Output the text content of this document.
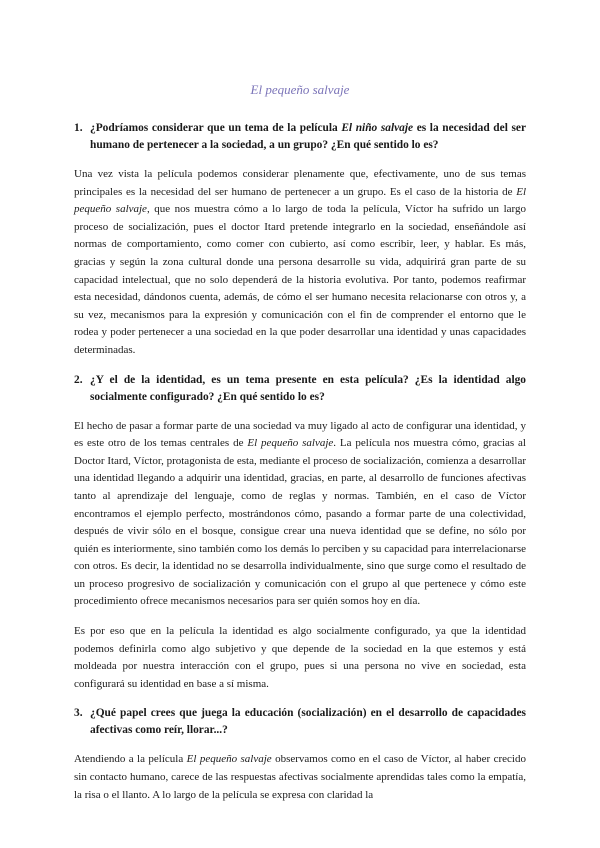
El pequeño salvaje
1. ¿Podríamos considerar que un tema de la película El niño salvaje es la necesidad del ser humano de pertenecer a la sociedad, a un grupo? ¿En qué sentido lo es?

Una vez vista la película podemos considerar plenamente que, efectivamente, uno de sus temas principales es la necesidad del ser humano de pertenecer a un grupo. Es el caso de la historia de El pequeño salvaje, que nos muestra cómo a lo largo de toda la película, Víctor ha sufrido un largo proceso de socialización, pues el doctor Itard pretende integrarlo en la sociedad, enseñándole así normas de comportamiento, como comer con cubierto, así como escribir, leer, y hablar. Es más, gracias y según la zona cultural donde una persona desarrolle su vida, adquirirá gran parte de su capacidad intelectual, que no solo dependerá de la historia evolutiva. Por tanto, podemos reafirmar esta necesidad, dándonos cuenta, además, de cómo el ser humano necesita relacionarse con otros y, a su vez, mecanismos para la expresión y comunicación con el fin de comprender el entorno que le rodea y poder pertenecer a una sociedad en la que poder desarrollar una identidad y unas capacidades determinadas.

2. ¿Y el de la identidad, es un tema presente en esta película? ¿Es la identidad algo socialmente configurado? ¿En qué sentido lo es?

El hecho de pasar a formar parte de una sociedad va muy ligado al acto de configurar una identidad, y es este otro de los temas centrales de El pequeño salvaje. La película nos muestra cómo, gracias al Doctor Itard, Víctor, protagonista de esta, mediante el proceso de socialización, comienza a desarrollar una identidad llegando a adquirir una identidad, gracias, en parte, al desarrollo de funciones afectivas tanto al aprendizaje del lenguaje, como de reglas y normas. También, en el caso de Víctor encontramos el ejemplo perfecto, mostrándonos cómo, pasando a formar parte de una colectividad, después de vivir sólo en el bosque, consigue crear una nueva identidad que se define, no sólo por quién es interiormente, sino también como los demás lo perciben y su capacidad para interrelacionarse con otros. Es decir, la identidad no se desarrolla individualmente, sino que surge como el resultado de un proceso progresivo de socialización y comunicación con el grupo al que pertenece y cómo este procedimiento ofrece mecanismos necesarios para ser quién somos hoy en día.

Es por eso que en la película la identidad es algo socialmente configurado, ya que la identidad podemos definirla como algo subjetivo y que depende de la sociedad en la que estemos y está moldeada por nuestra interacción con el grupo, pues si una persona no vive en sociedad, esta configurará su identidad en base a sí misma.

3. ¿Qué papel crees que juega la educación (socialización) en el desarrollo de capacidades afectivas como reír, llorar...?

Atendiendo a la película El pequeño salvaje observamos como en el caso de Víctor, al haber crecido sin contacto humano, carece de las respuestas afectivas socialmente aprendidas tales como la empatía, la risa o el llanto. A lo largo de la película se expresa con claridad la
